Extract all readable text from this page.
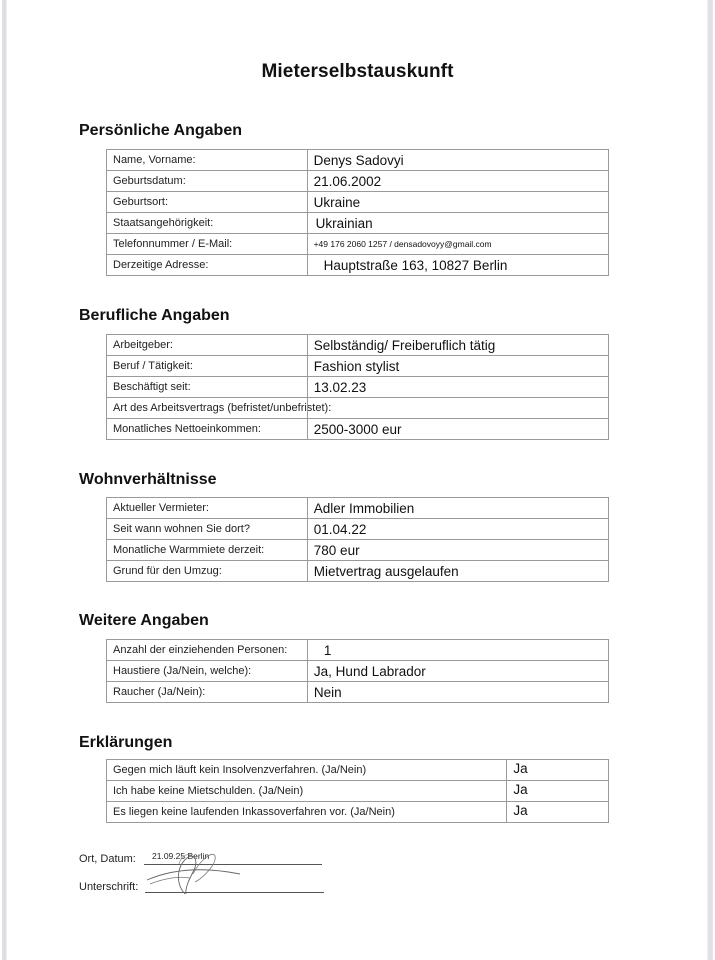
Mieterselbstauskunft
Persönliche Angaben
Name, Vorname:	Denys Sadovyi
Geburtsdatum:	21.06.2002
Geburtsort:	Ukraine
Staatsangehörigkeit:	Ukrainian
Telefonnummer / E-Mail:	+49 176 2060 1257 / densadovoyy@gmail.com
Derzeitige Adresse:	Hauptstraße 163, 10827 Berlin
Berufliche Angaben
Arbeitgeber:	Selbständig/ Freiberuflich tätig
Beruf / Tätigkeit:	Fashion stylist
Beschäftigt seit:	13.02.23
Art des Arbeitsvertrags (befristet/unbefristet):	

Monatliches Nettoeinkommen:	2500-3000 eur
Wohnverhältnisse
Aktueller Vermieter:	Adler Immobilien
Seit wann wohnen Sie dort?	01.04.22
Monatliche Warmmiete derzeit:	780 eur
Grund für den Umzug:	Mietvertrag ausgelaufen
Weitere Angaben
Anzahl der einziehenden Personen:	1
Haustiere (Ja/Nein, welche):	Ja, Hund Labrador
Raucher (Ja/Nein):	Nein
Erklärungen
Gegen mich läuft kein Insolvenzverfahren. (Ja/Nein)	Ja
Ich habe keine Mietschulden. (Ja/Nein)	Ja
Es liegen keine laufenden Inkassoverfahren vor. (Ja/Nein)	Ja
Ort, Datum: 21.09.25 Berlin
Unterschrift:
